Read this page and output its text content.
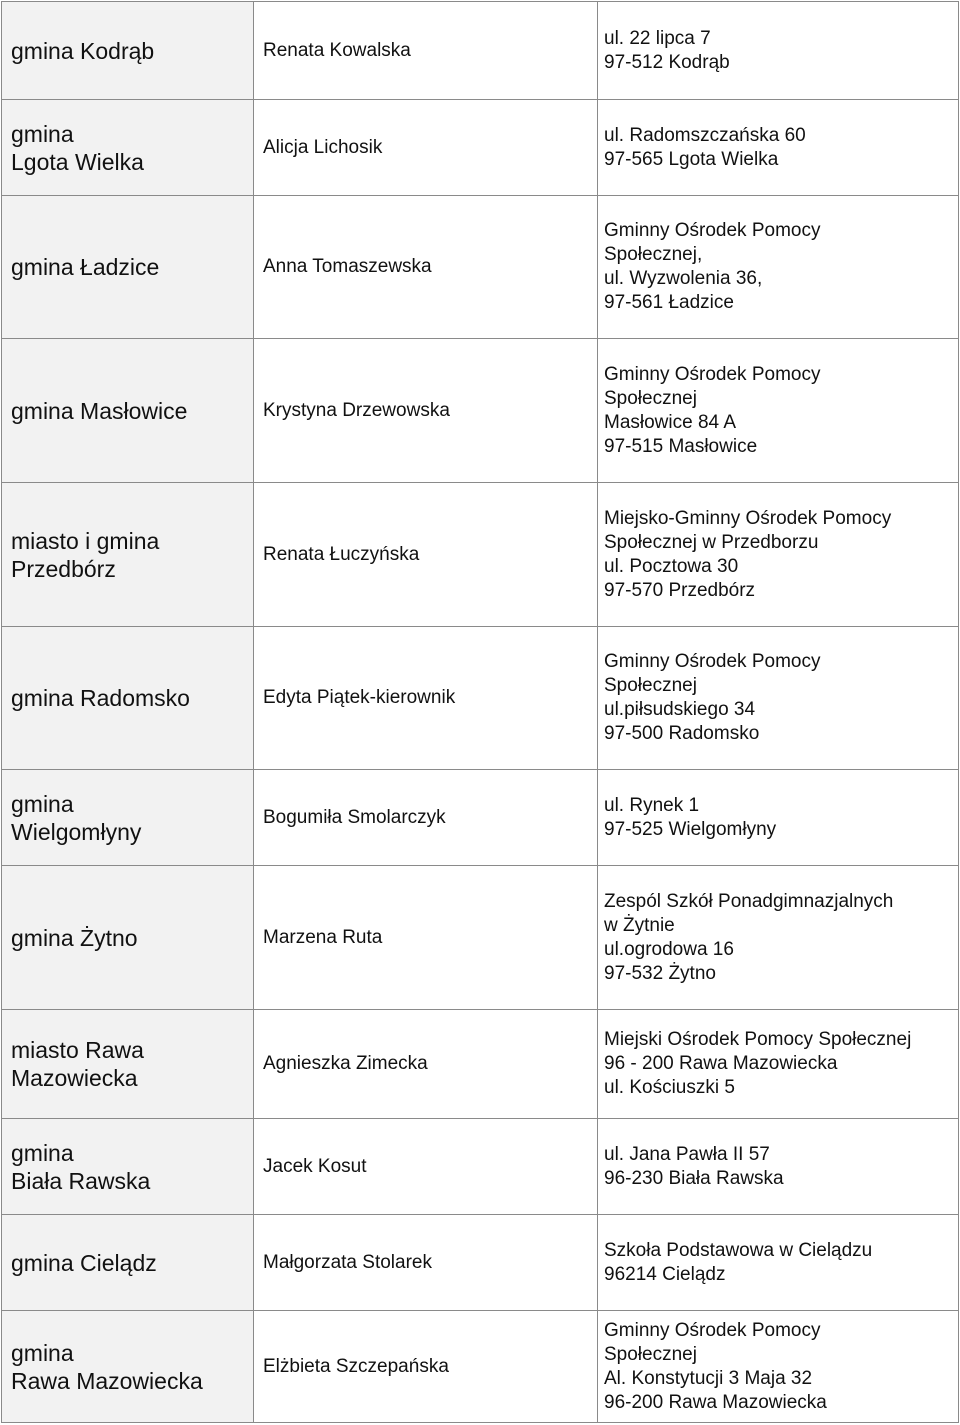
gmina Kodrąb	Renata Kowalska	ul. 22 lipca 7
97-512 Kodrąb

gmina
Lgota Wielka	Alicja Lichosik	ul. Radomszczańska 60
97-565 Lgota Wielka

gmina Ładzice	Anna Tomaszewska	Gminny Ośrodek Pomocy
Społecznej,
ul. Wyzwolenia 36,
97-561 Ładzice

gmina Masłowice	Krystyna Drzewowska	Gminny Ośrodek Pomocy
Społecznej
Masłowice 84 A
97-515 Masłowice

miasto i gmina
Przedbórz	Renata Łuczyńska	Miejsko-Gminny Ośrodek Pomocy
Społecznej w Przedborzu
ul. Pocztowa 30
97-570 Przedbórz

gmina Radomsko	Edyta Piątek-kierownik	Gminny Ośrodek Pomocy
Społecznej
ul.piłsudskiego 34
97-500 Radomsko

gmina
Wielgomłyny	Bogumiła Smolarczyk	ul. Rynek 1
97-525 Wielgomłyny

gmina Żytno	Marzena Ruta	Zespól Szkół Ponadgimnazjalnych
w Żytnie
ul.ogrodowa 16
97-532 Żytno

miasto Rawa
Mazowiecka	Agnieszka Zimecka	Miejski Ośrodek Pomocy Społecznej
96 - 200 Rawa Mazowiecka
ul. Kościuszki 5

gmina
Biała Rawska	Jacek Kosut	ul. Jana Pawła II 57
96-230 Biała Rawska

gmina Cielądz	Małgorzata Stolarek	Szkoła Podstawowa w Cielądzu
96214 Cielądz

gmina
Rawa Mazowiecka	Elżbieta Szczepańska	Gminny Ośrodek Pomocy
Społecznej
Al. Konstytucji 3 Maja 32
96-200 Rawa Mazowiecka
